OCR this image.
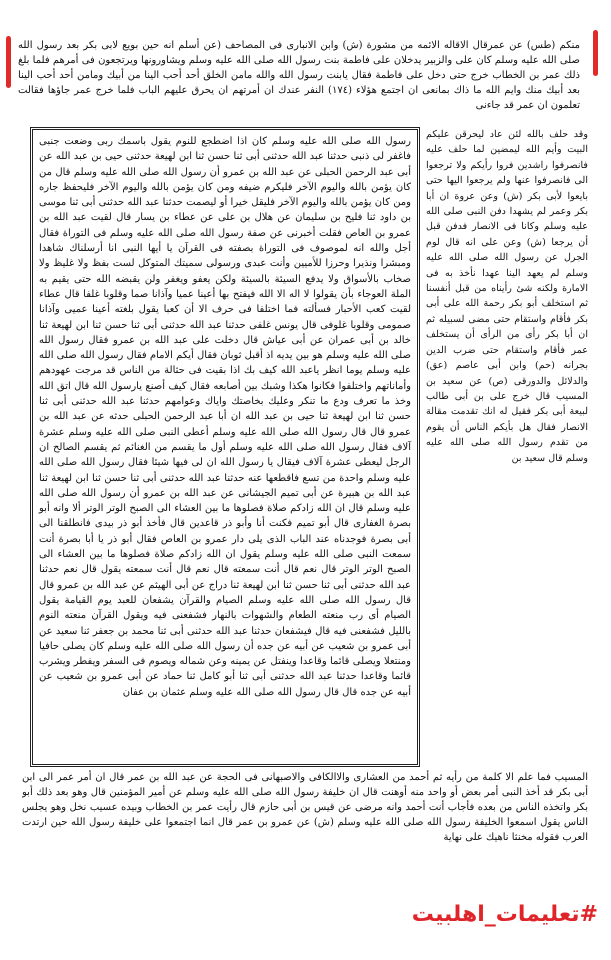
منكم (طس) عن عمرقال الاقاله الائمه من مشورة (ش) وابن الانبارى فى المصاحف (عن أسلم انه حين بويع لابى بكر بعد رسول الله صلى الله عليه وسلم كان على والزبير يدخلان على فاطمة بنت رسول الله صلى الله عليه وسلم ويشاورونها ويرتجعون فى أمرهم فلما بلغ ذلك عمر بن الخطاب خرج حتى دخل على فاطمة فقال يابنت رسول الله والله مامن الخلق أحد أحب الينا من أبيك ومامن أحد أحب الينا بعد أبيك منك وايم الله ما ذاك بمانعى ان اجتمع هؤلاء (١٧٤) النفر عندك ان أمرتهم ان يحرق عليهم الباب فلما خرج عمر جاؤها فقالت تعلمون ان عمر قد جاءنى

رسول الله صلى الله عليه وسلم كان اذا اضطجع للنوم يقول باسمك ربى وضعت جنبى فاغفر لى ذنبى حدثنا عبد الله حدثنى أبى ثنا حسن ثنا ابن لهيعة حدثنى حيى بن عبد الله عن أبى عبد الرحمن الحبلى عن عبد الله بن عمرو أن رسول الله صلى الله عليه وسلم قال من كان يؤمن بالله واليوم الآخر فليكرم ضيفه ومن كان يؤمن بالله واليوم الآخر فليحفظ جاره ومن كان يؤمن بالله واليوم الآخر فليقل خيرا أو ليصمت حدثنا عبد الله حدثنى أبى ثنا موسى بن داود ثنا فليح بن سليمان عن هلال بن على عن عطاء بن يسار قال لقيت عبد الله بن عمرو بن العاص فقلت أخبرنى عن صفة رسول الله صلى الله عليه وسلم فى التوراة فقال أجل والله انه لموصوف فى التوراة بصفته فى القرآن يا أيها النبى انا أرسلناك شاهدا ومبشرا ونذيرا وحرزا للأميين وأنت عبدى ورسولى سميتك المتوكل لست بفظ ولا غليظ ولا صخاب بالأسواق ولا يدفع السيئة بالسيئة ولكن يعفو ويغفر ولن يقبضه الله حتى يقيم به الملة العوجاء بأن يقولوا لا اله الا الله فيفتح بها أعينا عميا وآذانا صما وقلوبا غلفا قال عطاء لقيت كعب الأحبار فسألته فما اختلفا فى حرف الا أن كعبا يقول بلغته أعينا عميى وآذانا صمومى وقلوبا غلوفى قال يونس غلفى حدثنا عبد الله حدثنى أبى ثنا حسن ثنا ابن لهيعة ثنا خالد بن أبى عمران عن أبى عياش قال دخلت على عبد الله بن عمرو فقال رسول الله صلى الله عليه وسلم هو بين يديه اذ أقبل ثوبان فقال أيكم الامام فقال رسول الله صلى الله عليه وسلم يوما انظر ياعبد الله كيف بك اذا بقيت فى حثالة من الناس قد مرجت عهودهم وأماناتهم واختلفوا فكانوا هكذا وشبك بين أصابعه فقال كيف أصنع يارسول الله قال اتق الله وخذ ما تعرف ودع ما تنكر وعليك بخاصتك واياك وعوامهم حدثنا عبد الله حدثنى أبى ثنا حسن ثنا ابن لهيعة ثنا حيى بن عبد الله ان أبا عبد الرحمن الحبلى حدثه عن عبد الله بن عمرو قال قال رسول الله صلى الله عليه وسلم أعطى النبى صلى الله عليه وسلم عشرة آلاف فقال رسول الله صلى الله عليه وسلم أول ما يقسم من الغنائم ثم يقسم الصالح ان الرجل ليعطى عشرة آلاف فيقال يا رسول الله ان لى فيها شيئا فقال رسول الله صلى الله عليه وسلم واحدة من تسع فاقطعها عنه حدثنا عبد الله حدثنى أبى ثنا حسن ثنا ابن لهيعة ثنا عبد الله بن هبيرة عن أبى تميم الجيشانى عن عبد الله بن عمرو أن رسول الله صلى الله عليه وسلم قال ان الله زادكم صلاة فصلوها ما بين العشاء الى الصبح الوتر الوتر ألا وانه أبو بصرة الغفارى قال أبو تميم فكنت أنا وأبو ذر قاعدين قال فأخذ أبو ذر بيدى فانطلقنا الى أبى بصرة فوجدناه عند الباب الذى يلى دار عمرو بن العاص فقال أبو ذر يا أبا بصرة أنت سمعت النبى صلى الله عليه وسلم يقول ان الله زادكم صلاة فصلوها ما بين العشاء الى الصبح الوتر الوتر قال نعم قال أنت سمعته قال نعم قال أنت سمعته يقول قال نعم حدثنا عبد الله حدثنى أبى ثنا حسن ثنا ابن لهيعة ثنا دراج عن أبى الهيثم عن عبد الله بن عمرو قال قال رسول الله صلى الله عليه وسلم الصيام والقرآن يشفعان للعبد يوم القيامة يقول الصيام أى رب منعته الطعام والشهوات بالنهار فشفعنى فيه ويقول القرآن منعته النوم بالليل فشفعنى فيه قال فيشفعان حدثنا عبد الله حدثنى أبى ثنا محمد بن جعفر ثنا سعيد عن أبى عمرو بن شعيب عن أبيه عن جده أن رسول الله صلى الله عليه وسلم كان يصلى حافيا ومنتعلا ويصلى قائما وقاعدا وينفتل عن يمينه وعن شماله ويصوم فى السفر ويفطر ويشرب قائما وقاعدا حدثنا عبد الله حدثنى أبى ثنا أبو كامل ثنا حماد عن أبى عمرو بن شعيب عن أبيه عن جده قال قال رسول الله صلى الله عليه وسلم عثمان بن عفان

وقد حلف بالله لئن عاد ليحرقن عليكم البيت وأيم الله ليمضين لما حلف عليه فانصرفوا راشدين فروا رأيكم ولا ترجعوا الى فانصرفوا عنها ولم يرجعوا اليها حتى بايعوا لأبى بكر (ش) وعن عروة ان أبا بكر وعمر لم يشهدا دفن النبى صلى الله عليه وسلم وكانا فى الانصار فدفن قبل أن يرجعا (ش) وعن على انه قال لوم الجرل عن رسول الله صلى الله عليه وسلم لم يعهد الينا عهدا نأخذ به فى الامارة ولكنه شئ رأيناه من قبل أنفسنا ثم استخلف أبو بكر رحمة الله على أبى بكر فأقام واستقام حتى مضى لسبيله ثم ان أبا بكر رأى من الرأى أن يستخلف عمر فأقام واستقام حتى ضرب الدين بجرانه (حم) وابن أبى عاصم (عق) والدلائل والدورقى (ص) عن سعيد بن المسيب قال خرج على بن أبى طالب لبيعة أبى بكر فقيل له انك تقدمت مقالة الانصار فقال هل بأيكم الناس أن يقوم من تقدم رسول الله صلى الله عليه وسلم قال سعيد بن

المسيب فما علم الا كلمة من رأيه ثم أحمد من العشارى والاالكافى والاصبهانى فى الحجة عن عبد الله بن عمر قال ان أمر عمر الى ابن أبى بكر قد أخذ النبى أمر بعض أو واحد منه أوهنت قال ان خليفة رسول الله صلى الله عليه وسلم عن أمير المؤمنين قال وهو بعد ذلك أبو بكر واتخذه الناس من بعده فأجاب أنت أحمد وانه مرضى عن قيس بن أبى حازم قال رأيت عمر بن الخطاب وبيده عسيب نخل وهو يجلس الناس يقول اسمعوا الخليفة رسول الله صلى الله عليه وسلم (ش) عن عمرو بن عمر قال انما اجتمعوا على خليفة رسول الله حين ارتدت العرب فقوله مخنثا ناهيك على نهاية

#تعليمات_اهلبيت
